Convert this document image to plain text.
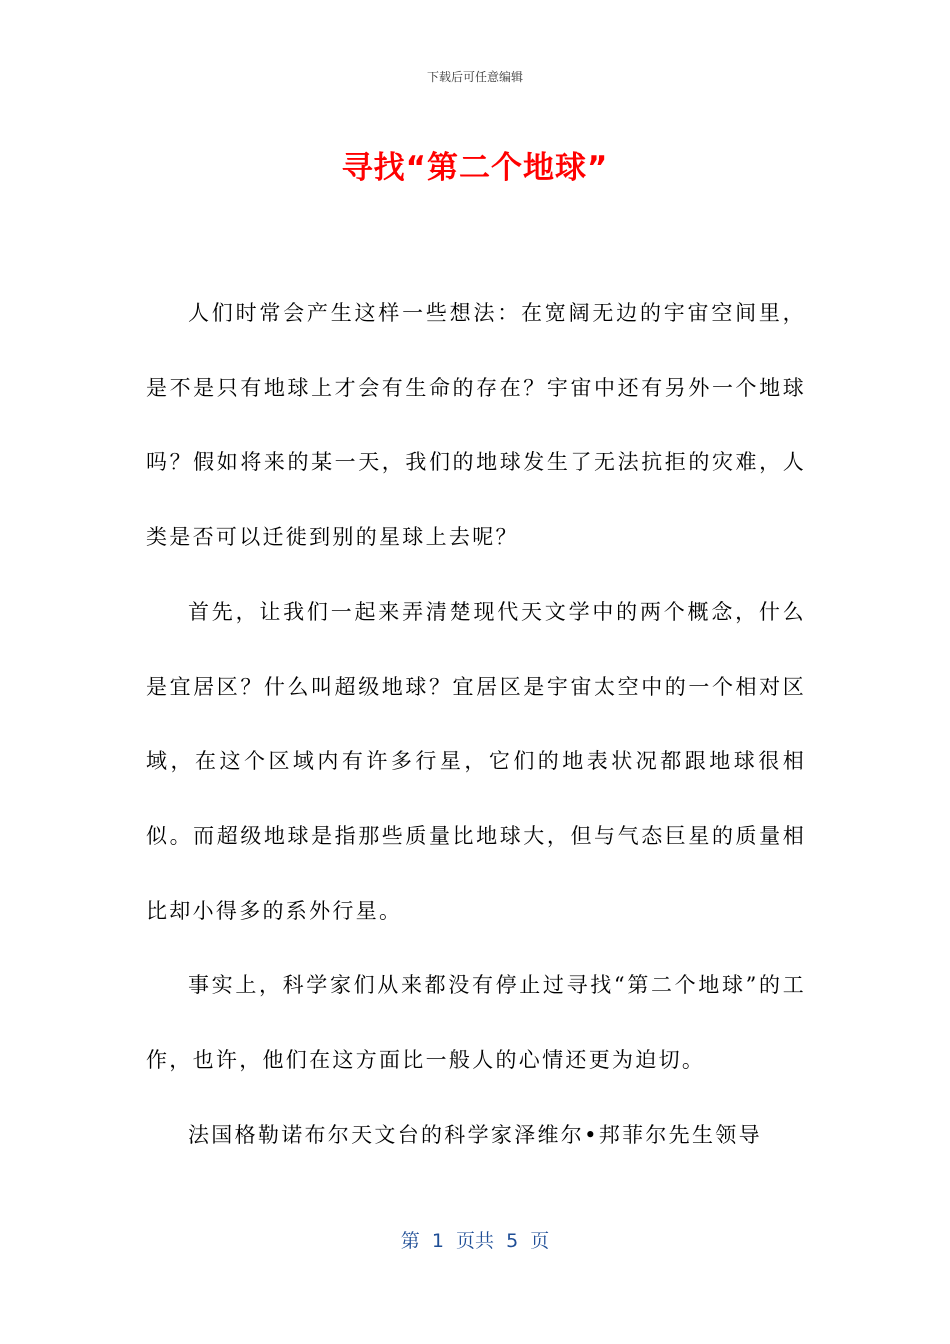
下载后可任意编辑
寻找“第二个地球”

人们时常会产生这样一些想法：在宽阔无边的宇宙空间里，是不是只有地球上才会有生命的存在？宇宙中还有另外一个地球吗？假如将来的某一天，我们的地球发生了无法抗拒的灾难，人类是否可以迁徙到别的星球上去呢？

首先，让我们一起来弄清楚现代天文学中的两个概念，什么是宜居区？什么叫超级地球？宜居区是宇宙太空中的一个相对区域，在这个区域内有许多行星，它们的地表状况都跟地球很相似。而超级地球是指那些质量比地球大，但与气态巨星的质量相比却小得多的系外行星。

事实上，科学家们从来都没有停止过寻找“第二个地球”的工作，也许，他们在这方面比一般人的心情还更为迫切。

法国格勒诺布尔天文台的科学家泽维尔•邦菲尔先生领导

第  1  页共  5  页
